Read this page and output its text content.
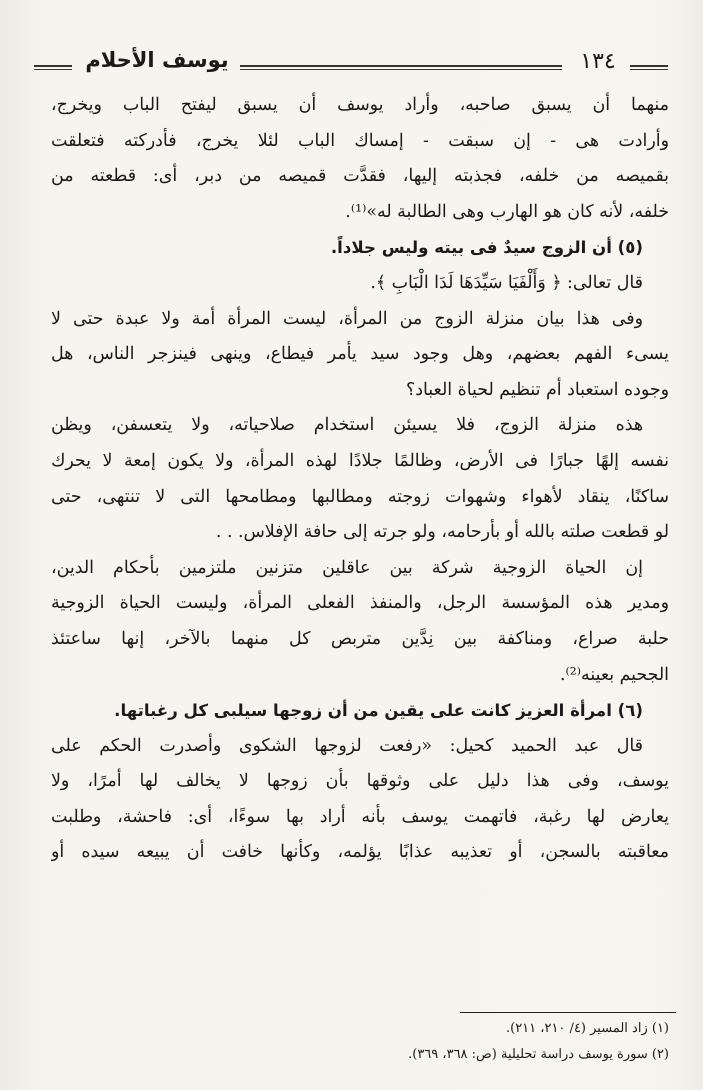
يوسف الأحلام	١٣٤
منهما أن يسبق صاحبه، وأراد يوسف أن يسبق ليفتح الباب ويخرج،
وأرادت هى - إن سبقت - إمساك الباب لئلا يخرج، فأدركته فتعلقت
بقميصه من خلفه، فجذبته إليها، فقدَّت قميصه من دبر، أى: قطعته من
خلفه، لأنه كان هو الهارب وهى الطالبة له»⁽¹⁾.
(٥) أن الزوج سيدٌ فى بيته وليس جلاداً.
قال تعالى: ﴿ وَأَلْفَيَا سَيِّدَهَا لَدَا الْبَابِ ﴾.
وفى هذا بيان منزلة الزوج من المرأة، ليست المرأة أمة ولا عبدة حتى لا
يسىء الفهم بعضهم، وهل وجود سيد يأمر فيطاع، وينهى فينزجر الناس، هل
وجوده استعباد أم تنظيم لحياة العباد؟
هذه منزلة الزوج، فلا يسيئن استخدام صلاحياته، ولا يتعسفن، ويظن
نفسه إلهًا جبارًا فى الأرض، وظالمًا جلادًا لهذه المرأة، ولا يكون إمعة لا يحرك
ساكنًا، ينقاد لأهواء وشهوات زوجته ومطالبها ومطامحها التى لا تنتهى، حتى
لو قطعت صلته بالله أو بأرحامه، ولو جرته إلى حافة الإفلاس. . .
إن الحياة الزوجية شركة بين عاقلين متزنين ملتزمين بأحكام الدين،
ومدير هذه المؤسسة الرجل، والمنفذ الفعلى المرأة، وليست الحياة الزوجية
حلبة صراع، ومناكفة بين نِدَّين متربص كل منهما بالآخر، إنها ساعتئذ
الجحيم بعينه⁽²⁾.
(٦) امرأة العزيز كانت على يقين من أن زوجها سيلبى كل رغباتها.
قال عبد الحميد كحيل: «رفعت لزوجها الشكوى وأصدرت الحكم على
يوسف، وفى هذا دليل على وثوقها بأن زوجها لا يخالف لها أمرًا، ولا
يعارض لها رغبة، فاتهمت يوسف بأنه أراد بها سوءًا، أى: فاحشة، وطلبت
معاقبته بالسجن، أو تعذيبه عذابًا يؤلمه، وكأنها خافت أن يبيعه سيده أو
(١) زاد المسير (٤/ ٢١٠، ٢١١).
(٢) سورة يوسف دراسة تحليلية (ص: ٣٦٨، ٣٦٩).
